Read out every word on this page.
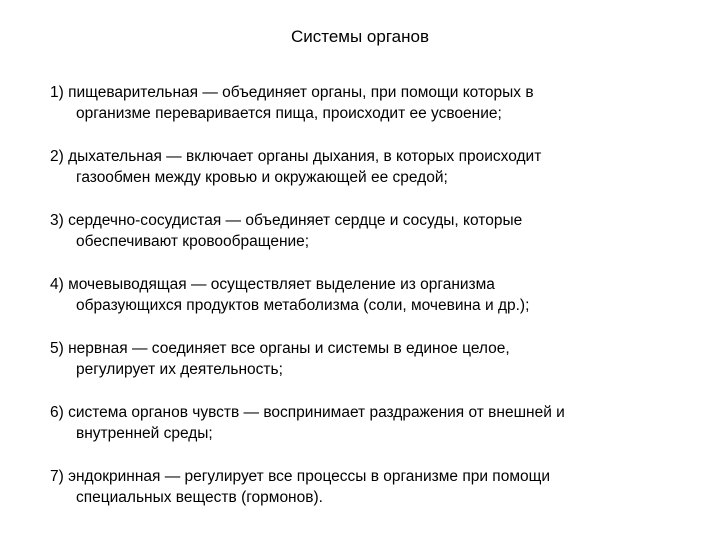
Системы органов
1) пищеварительная — объединяет органы, при помощи которых в
организме переваривается пища, происходит ее усвоение;
2) дыхательная — включает органы дыхания, в которых происходит
газообмен между кровью и окружающей ее средой;
3) сердечно-сосудистая — объединяет сердце и сосуды, которые
обеспечивают кровообращение;
4) мочевыводящая — осуществляет выделение из организма
образующихся продуктов метаболизма (соли, мочевина и др.);
5) нервная — соединяет все органы и системы в единое целое,
регулирует их деятельность;
6) система органов чувств — воспринимает раздражения от внешней и
внутренней среды;
7) эндокринная — регулирует все процессы в организме при помощи
специальных веществ (гормонов).
